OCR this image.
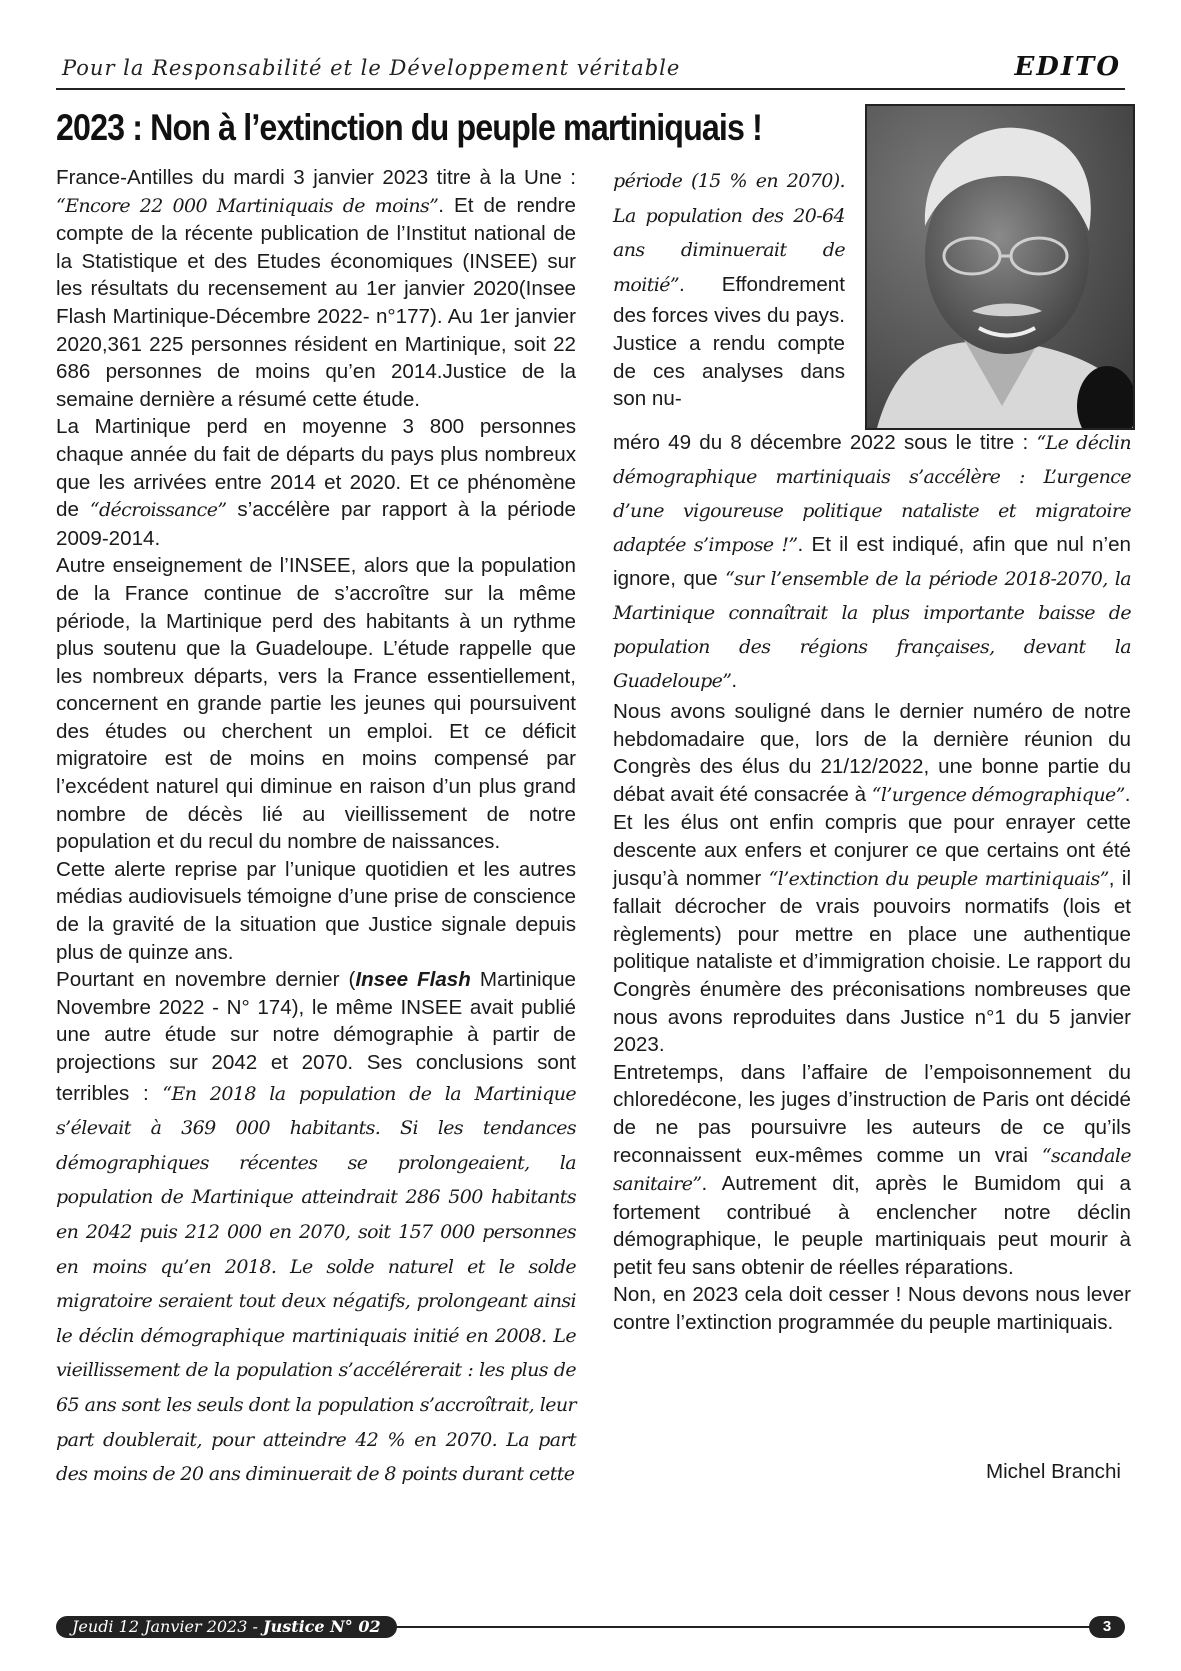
Pour la Responsabilité et le Développement véritable	EDITO
2023 : Non à l’extinction du peuple martiniquais !

France-Antilles du mardi 3 janvier 2023 titre à la Une : “Encore 22 000 Martiniquais de moins”. Et de rendre compte de la récente publication de l’Institut national de la Statistique et des Etudes économiques (INSEE) sur les résultats du recensement au 1er janvier 2020(Insee Flash Martinique-Décembre 2022- n°177). Au 1er janvier 2020,361 225 personnes résident en Martinique, soit 22 686 personnes de moins qu’en 2014.Justice de la semaine dernière a résumé cette étude.

La Martinique perd en moyenne 3 800 personnes chaque année du fait de départs du pays plus nombreux que les arrivées entre 2014 et 2020. Et ce phénomène de “décroissance” s’accélère par rapport à la période 2009-2014.

Autre enseignement de l’INSEE, alors que la population de la France continue de s’accroître sur la même période, la Martinique perd des habitants à un rythme plus soutenu que la Guadeloupe. L’étude rappelle que les nombreux départs, vers la France essentiellement, concernent en grande partie les jeunes qui poursuivent des études ou cherchent un emploi. Et ce déficit migratoire est de moins en moins compensé par l’excédent naturel qui diminue en raison d’un plus grand nombre de décès lié au vieillissement de notre population et du recul du nombre de naissances.

Cette alerte reprise par l’unique quotidien et les autres médias audiovisuels témoigne d’une prise de conscience de la gravité de la situation que Justice signale depuis plus de quinze ans.

Pourtant en novembre dernier (Insee Flash Martinique Novembre 2022 - N° 174), le même INSEE avait publié une autre étude sur notre démographie à partir de projections sur 2042 et 2070. Ses conclusions sont terribles : “En 2018 la population de la Martinique s’élevait à 369 000 habitants. Si les tendances démographiques récentes se prolongeaient, la population de Martinique atteindrait 286 500 habitants en 2042 puis 212 000 en 2070, soit 157 000 personnes en moins qu’en 2018. Le solde naturel et le solde migratoire seraient tout deux négatifs, prolongeant ainsi le déclin démographique martiniquais initié en 2008. Le vieillissement de la population s’accélérerait : les plus de 65 ans sont les seuls dont la population s’accroîtrait, leur part doublerait, pour atteindre 42 % en 2070. La part des moins de 20 ans diminuerait de 8 points durant cette

période (15 % en 2070). La population des 20-64 ans diminuerait de moitié”. Effondrement des forces vives du pays. Justice a rendu compte de ces analyses dans son nu-

méro 49 du 8 décembre 2022 sous le titre : “Le déclin démographique martiniquais s’accélère : L’urgence d’une vigoureuse politique nataliste et migratoire adaptée s’impose !”. Et il est indiqué, afin que nul n’en ignore, que “sur l’ensemble de la période 2018-2070, la Martinique connaîtrait la plus importante baisse de population des régions françaises, devant la Guadeloupe”.

Nous avons souligné dans le dernier numéro de notre hebdomadaire que, lors de la dernière réunion du Congrès des élus du 21/12/2022, une bonne partie du débat avait été consacrée à “l’urgence démographique”.

Et les élus ont enfin compris que pour enrayer cette descente aux enfers et conjurer ce que certains ont été jusqu’à nommer “l’extinction du peuple martiniquais”, il fallait décrocher de vrais pouvoirs normatifs (lois et règlements) pour mettre en place une authentique politique nataliste et d’immigration choisie. Le rapport du Congrès énumère des préconisations nombreuses que nous avons reproduites dans Justice n°1 du 5 janvier 2023.

Entretemps, dans l’affaire de l’empoisonnement du chloredécone, les juges d’instruction de Paris ont décidé de ne pas poursuivre les auteurs de ce qu’ils reconnaissent eux-mêmes comme un vrai “scandale sanitaire”. Autrement dit, après le Bumidom qui a fortement contribué à enclencher notre déclin démographique, le peuple martiniquais peut mourir à petit feu sans obtenir de réelles réparations.

Non, en 2023 cela doit cesser ! Nous devons nous lever contre l’extinction programmée du peuple martiniquais.

Michel Branchi
Jeudi 12 Janvier 2023 - Justice N° 02	3
